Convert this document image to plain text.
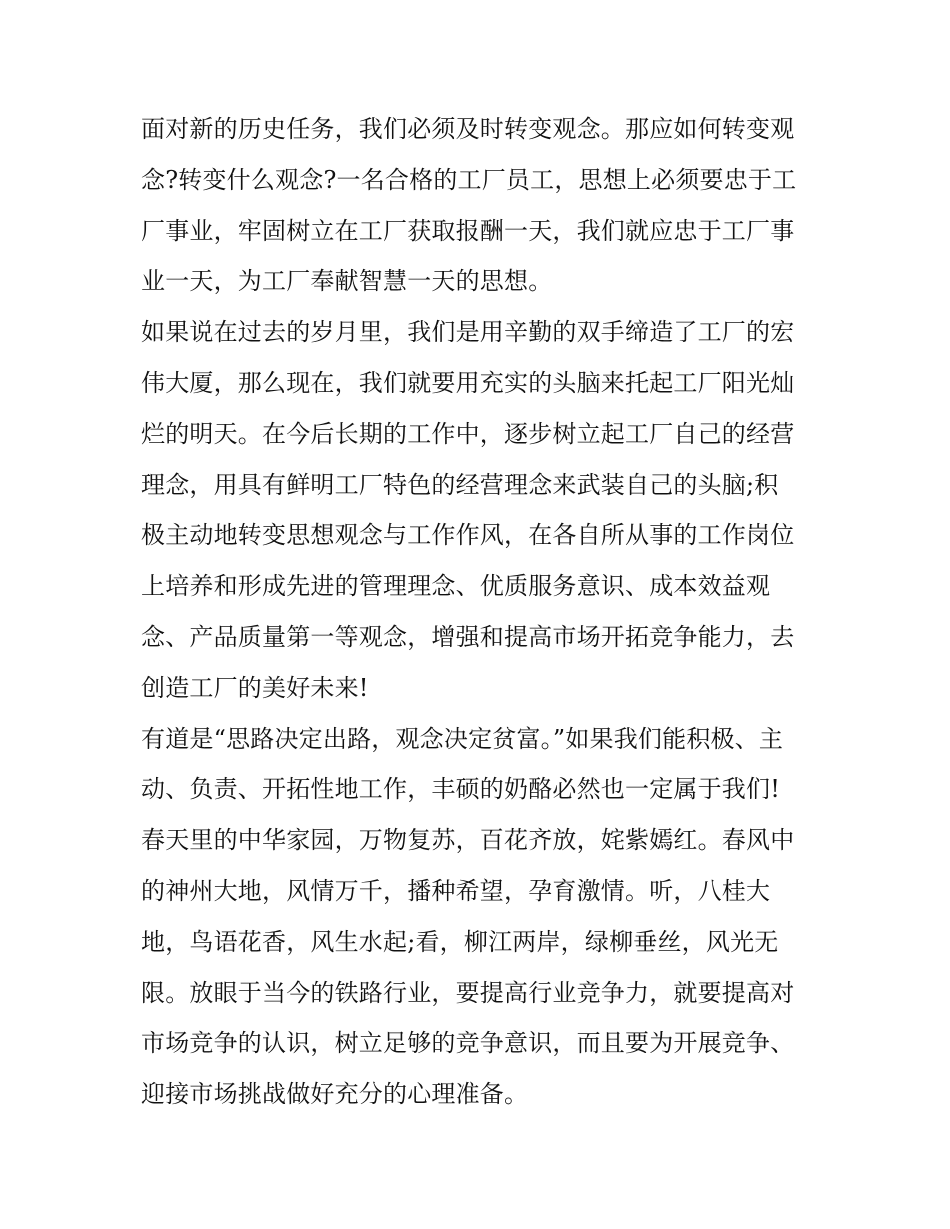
面对新的历史任务，我们必须及时转变观念。那应如何转变观
念?转变什么观念?一名合格的工厂员工，思想上必须要忠于工
厂事业，牢固树立在工厂获取报酬一天，我们就应忠于工厂事
业一天，为工厂奉献智慧一天的思想。
如果说在过去的岁月里，我们是用辛勤的双手缔造了工厂的宏
伟大厦，那么现在，我们就要用充实的头脑来托起工厂阳光灿
烂的明天。在今后长期的工作中，逐步树立起工厂自己的经营
理念，用具有鲜明工厂特色的经营理念来武装自己的头脑;积
极主动地转变思想观念与工作作风，在各自所从事的工作岗位
上培养和形成先进的管理理念、优质服务意识、成本效益观
念、产品质量第一等观念，增强和提高市场开拓竞争能力，去
创造工厂的美好未来!
有道是“思路决定出路，观念决定贫富。”如果我们能积极、主
动、负责、开拓性地工作，丰硕的奶酪必然也一定属于我们!
春天里的中华家园，万物复苏，百花齐放，姹紫嫣红。春风中
的神州大地，风情万千，播种希望，孕育激情。听，八桂大
地，鸟语花香，风生水起;看，柳江两岸，绿柳垂丝，风光无
限。放眼于当今的铁路行业，要提高行业竞争力，就要提高对
市场竞争的认识，树立足够的竞争意识，而且要为开展竞争、
迎接市场挑战做好充分的心理准备。
